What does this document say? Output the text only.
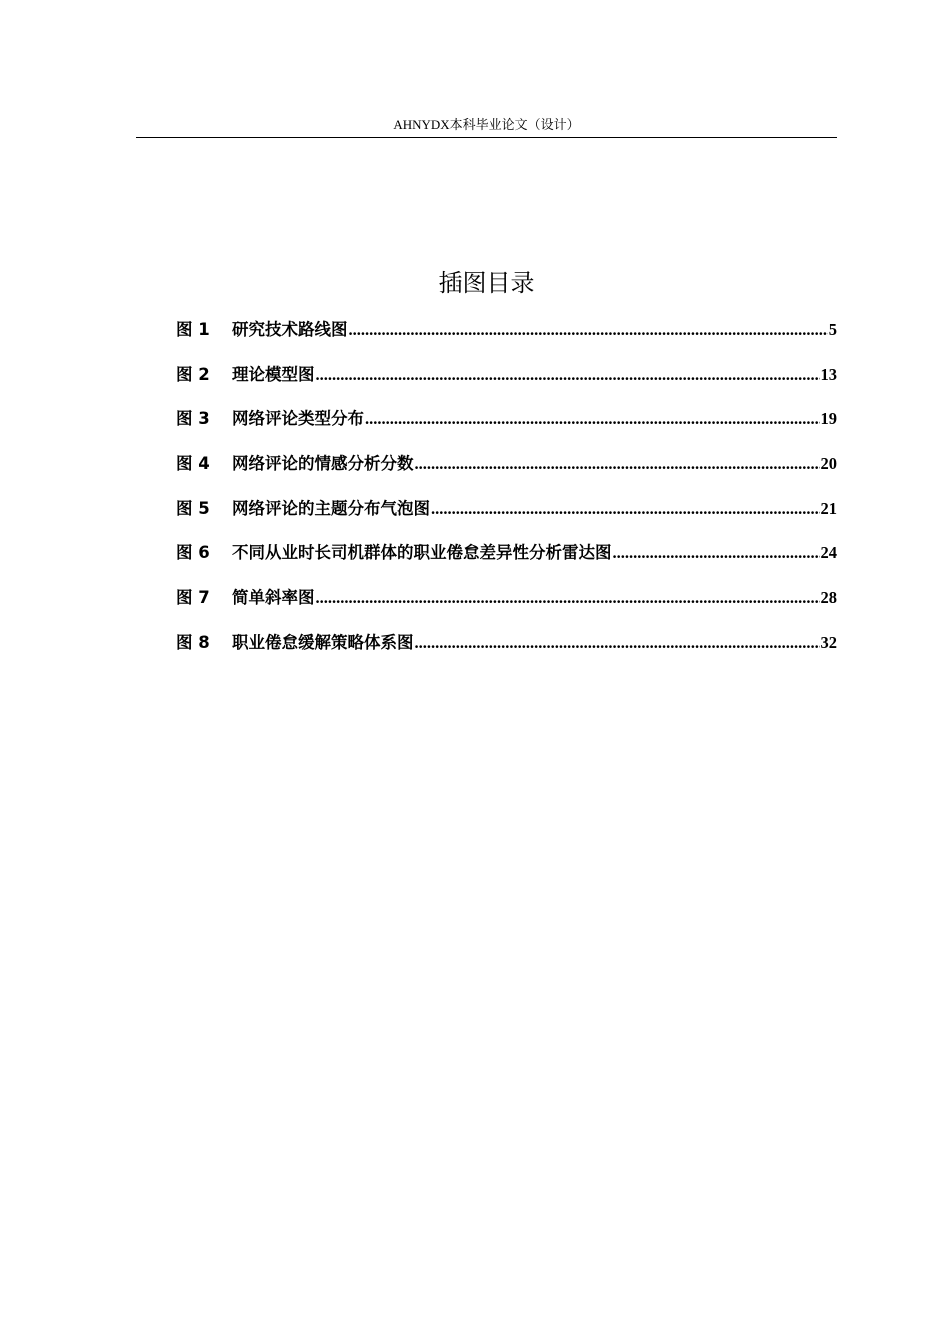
AHNYDX本科毕业论文（设计）
插图目录
图 1	研究技术路线图 .....	5
图 2	理论模型图 .....	13
图 3	网络评论类型分布 .....	19
图 4	网络评论的情感分析分数 .....	20
图 5	网络评论的主题分布气泡图 .....	21
图 6	不同从业时长司机群体的职业倦怠差异性分析雷达图 .....	24
图 7	简单斜率图 .....	28
图 8	职业倦怠缓解策略体系图 .....	32
